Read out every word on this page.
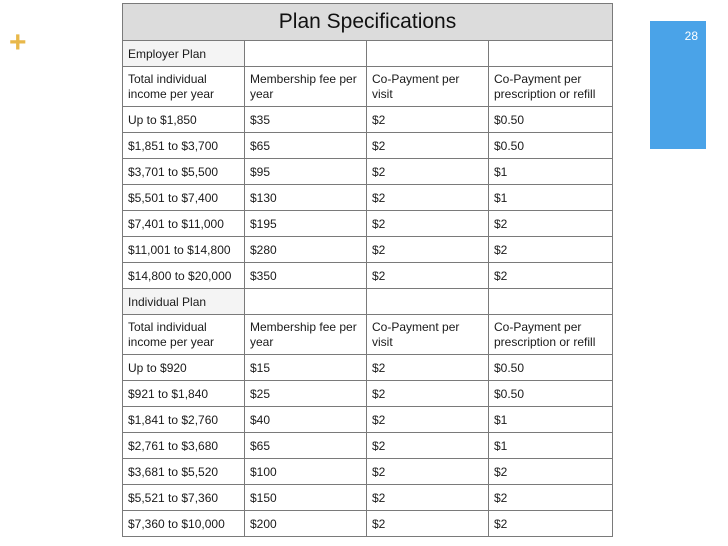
+	28
Plan Specifications			
Employer Plan			
Total individual income per year	Membership fee per year	Co-Payment per visit	Co-Payment per prescription or refill
Up to $1,850	$35	$2	$0.50
$1,851 to $3,700	$65	$2	$0.50
$3,701 to $5,500	$95	$2	$1
$5,501 to $7,400	$130	$2	$1
$7,401 to $11,000	$195	$2	$2
$11,001 to $14,800	$280	$2	$2
$14,800 to $20,000	$350	$2	$2
Individual Plan			
Total individual income per year	Membership fee per year	Co-Payment per visit	Co-Payment per prescription or refill
Up to $920	$15	$2	$0.50
$921 to $1,840	$25	$2	$0.50
$1,841 to $2,760	$40	$2	$1
$2,761 to $3,680	$65	$2	$1
$3,681 to $5,520	$100	$2	$2
$5,521 to $7,360	$150	$2	$2
$7,360 to $10,000	$200	$2	$2
